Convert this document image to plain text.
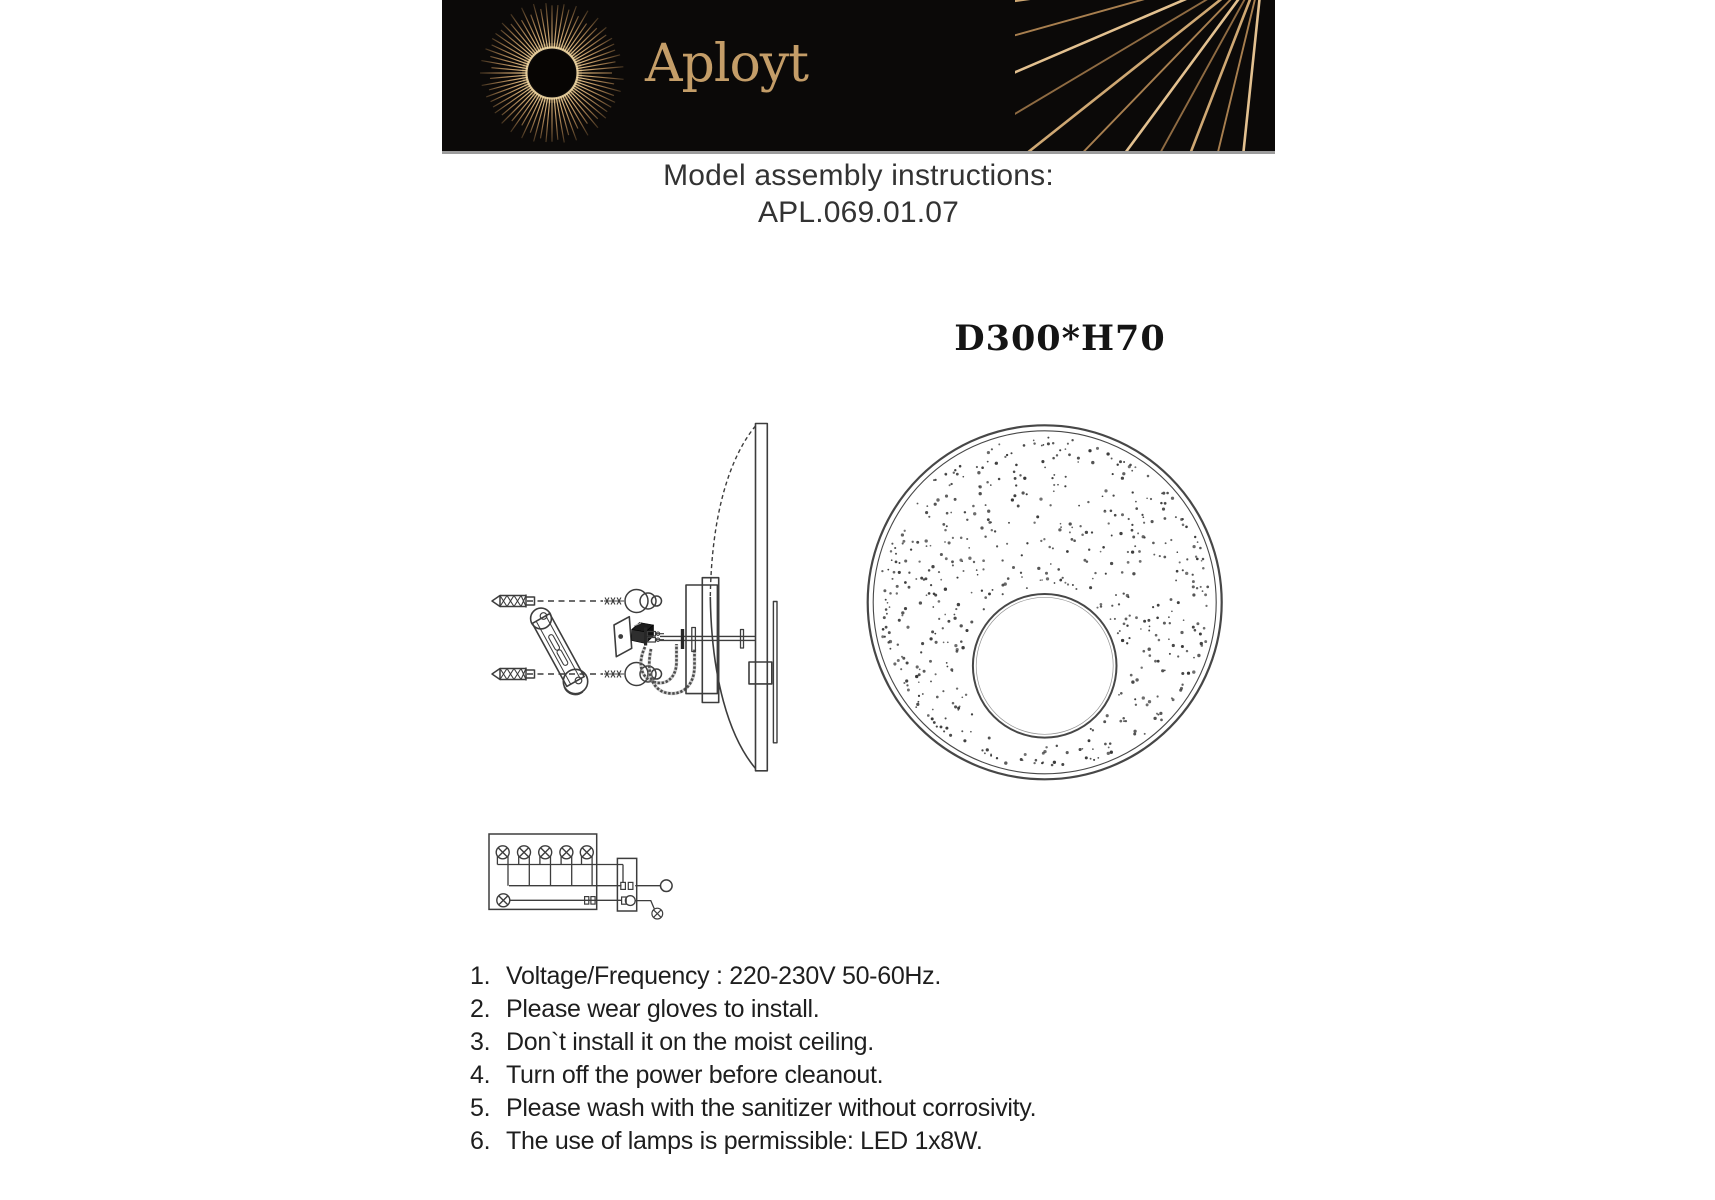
Aployt
Model assembly instructions:
APL.069.01.07
D300*H70
1. Voltage/Frequency : 220-230V 50-60Hz.
2. Please wear gloves to install.
3. Don`t install it on the moist ceiling.
4. Turn off the power before cleanout.
5. Please wash with the sanitizer without corrosivity.
6. The use of lamps is permissible: LED 1x8W.
